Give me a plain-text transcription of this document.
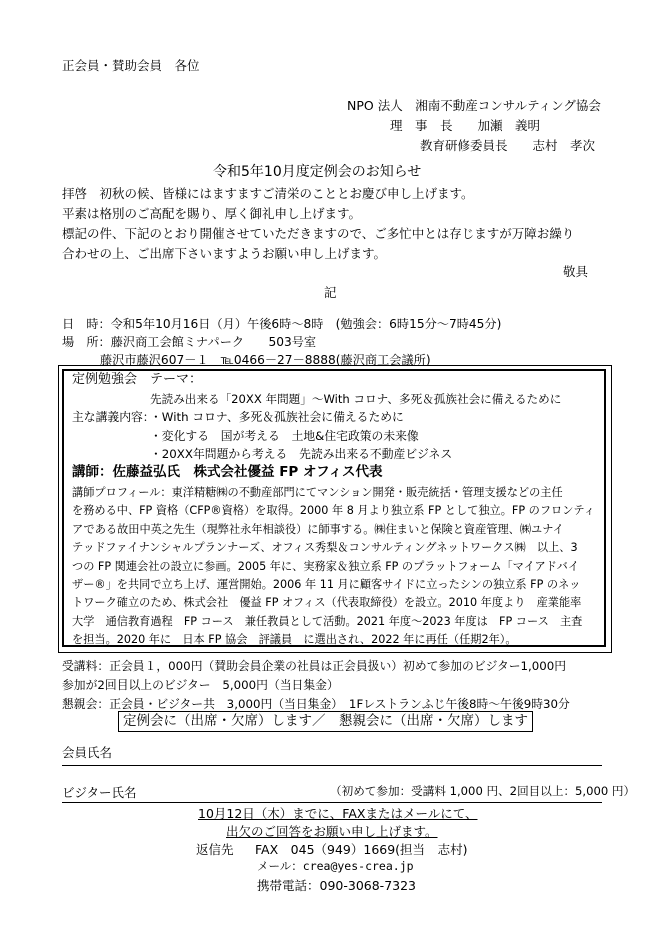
正会員・賛助会員　各位
NPO 法人　湘南不動産コンサルティング協会
理　事　長　　加瀬　義明
教育研修委員長　　志村　孝次
令和5年10月度定例会のお知らせ
拝啓　初秋の候、皆様にはますますご清栄のこととお慶び申し上げます。
平素は格別のご高配を賜り、厚く御礼申し上げます。
標記の件、下記のとおり開催させていただきますので、ご多忙中とは存じますが万障お繰り
合わせの上、ご出席下さいますようお願い申し上げます。
敬具
記
日　時：令和5年10月16日（月）午後6時～8時　(勉強会：6時15分～7時45分)
場　所：藤沢商工会館ミナパーク　　503号室
藤沢市藤沢607－１　℡0466－27－8888(藤沢商工会議所)
定例勉強会　テーマ：
先読み出来る「20XX 年問題」～With コロナ、多死＆孤族社会に備えるために
主な講義内容：
・With コロナ、多死＆孤族社会に備えるために
・変化する　国が考える　土地&住宅政策の未来像
・20XX年問題から考える　先読み出来る不動産ビジネス
講師：佐藤益弘氏　株式会社優益 FP オフィス代表
講師プロフィール：東洋精糖㈱の不動産部門にてマンション開発・販売統括・管理支援などの主任
を務める中、FP 資格（CFP®資格）を取得。2000 年 8 月より独立系 FP として独立。FP のフロンティ
アである故田中英之先生（現弊社永年相談役）に師事する。㈱住まいと保険と資産管理、㈱ユナイ
テッドファイナンシャルプランナーズ、オフィス秀梨＆コンサルティングネットワークス㈱　以上、3
つの FP 関連会社の設立に参画。2005 年に、実務家＆独立系 FP のプラットフォーム「マイアドバイ
ザー®」を共同で立ち上げ、運営開始。2006 年 11 月に顧客サイドに立ったシンの独立系 FP のネッ
トワーク確立のため、株式会社　優益 FP オフィス（代表取締役）を設立。2010 年度より　産業能率
大学　通信教育過程　FP コース　兼任教員として活動。2021 年度～2023 年度は　FP コース　主査
を担当。2020 年に　日本 FP 協会　評議員　に選出され、2022 年に再任（任期2年）。
受講料：正会員１，000円（賛助会員企業の社員は正会員扱い）初めて参加のビジター1,000円
参加が2回目以上のビジター　5,000円（当日集金）
懇親会：正会員・ビジター共　3,000円（当日集金）　1Fレストランふじ午後8時～午後9時30分
定例会に（出席・欠席）します／　懇親会に（出席・欠席）します
会員氏名
ビジター氏名	（初めて参加：受講料 1,000 円、2回目以上：5,000 円）
10月12日（木）までに、FAXまたはメールにて、
出欠のご回答をお願い申し上げます。
返信先 FAX　045（949）1669(担当　志村)
メール：crea@yes-crea.jp
携帯電話：090-3068-7323
